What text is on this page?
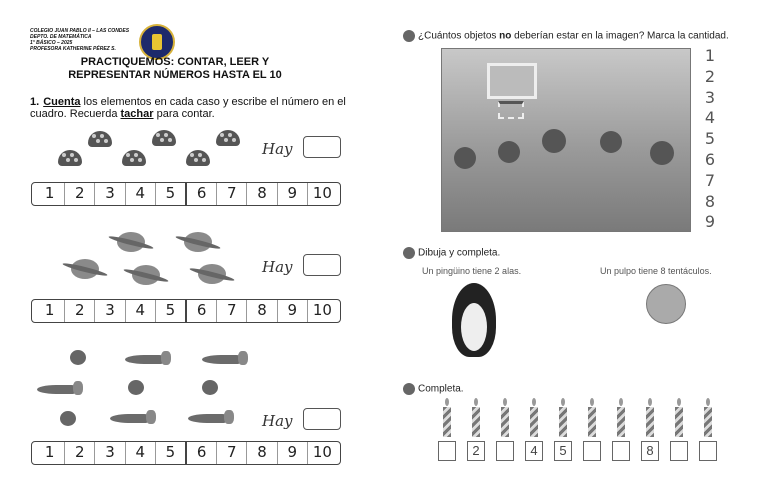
COLEGIO JUAN PABLO II – LAS CONDES
DEPTO. DE MATEMÁTICA
1° BÁSICO – 2025
PROFESORA KATHERINE PÉREZ S.
PRACTIQUEMOS: CONTAR, LEER Y
REPRESENTAR NÚMEROS HASTA EL 10
1. Cuenta los elementos en cada caso y escribe el número en el cuadro. Recuerda tachar para contar.
Hay
1	2	3	4	5	6	7	8	9	10
Hay
1	2	3	4	5	6	7	8	9	10
Hay
1	2	3	4	5	6	7	8	9	10
¿Cuántos objetos no deberían estar en la imagen? Marca la cantidad.
1
2
3
4
5
6
7
8
9
Dibuja y completa.
Un pingüino tiene 2 alas.	Un pulpo tiene 8 tentáculos.
Completa.
2	4	5	8
